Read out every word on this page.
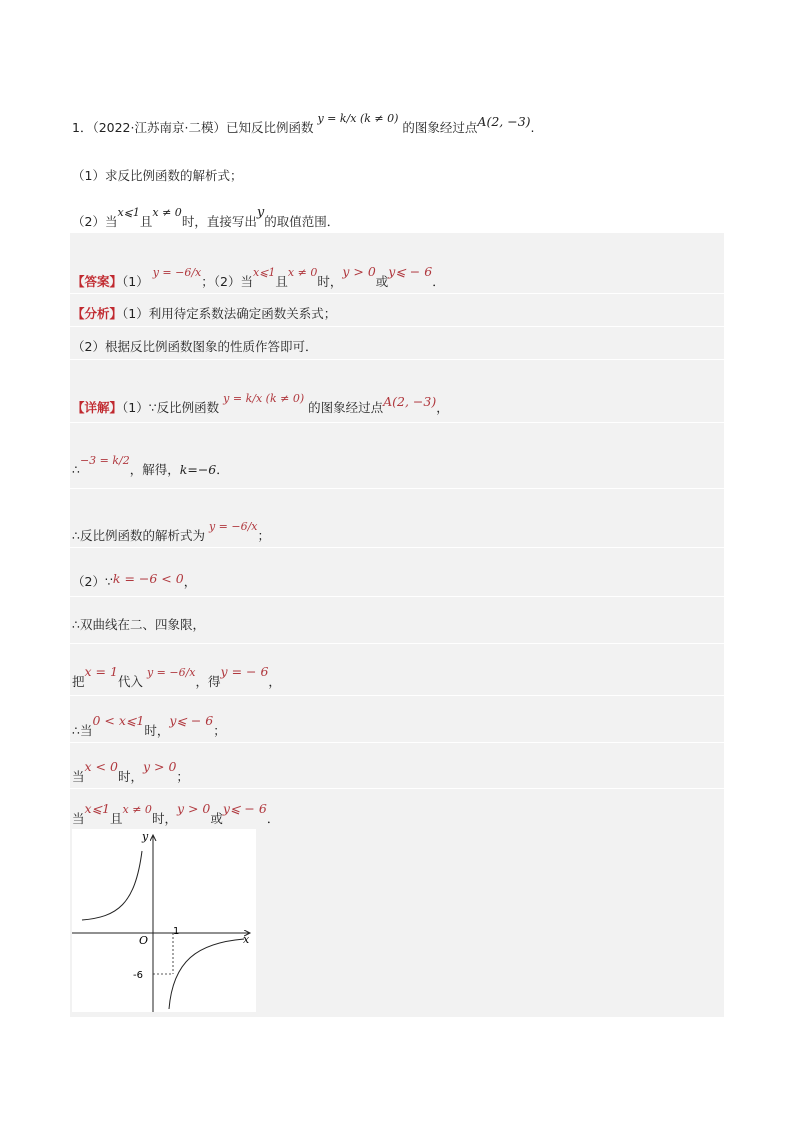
1．（2022·江苏南京·二模）已知反比例函数 y = k/x (k ≠ 0) 的图象经过点A(2, −3).
（1）求反比例函数的解析式；
（2）当x⩽1且x ≠ 0时，直接写出y的取值范围．
【答案】（1） y = −6/x；（2）当x⩽1且x ≠ 0时，y > 0或y⩽ − 6．
【分析】（1）利用待定系数法确定函数关系式；
（2）根据反比例函数图象的性质作答即可．
【详解】（1）∵反比例函数 y = k/x (k ≠ 0) 的图象经过点A(2, −3)，
∴−3 = k/2，解得，k=−6．
∴反比例函数的解析式为 y = −6/x；
（2）∵k = −6 < 0，
∴双曲线在二、四象限，
把x = 1代入 y = −6/x，得y = − 6，
∴当0 < x⩽1时，y⩽ − 6；
当x < 0时，y > 0；
当x⩽1且x ≠ 0时，y > 0或y⩽ − 6．
y
x
O
1
-6
